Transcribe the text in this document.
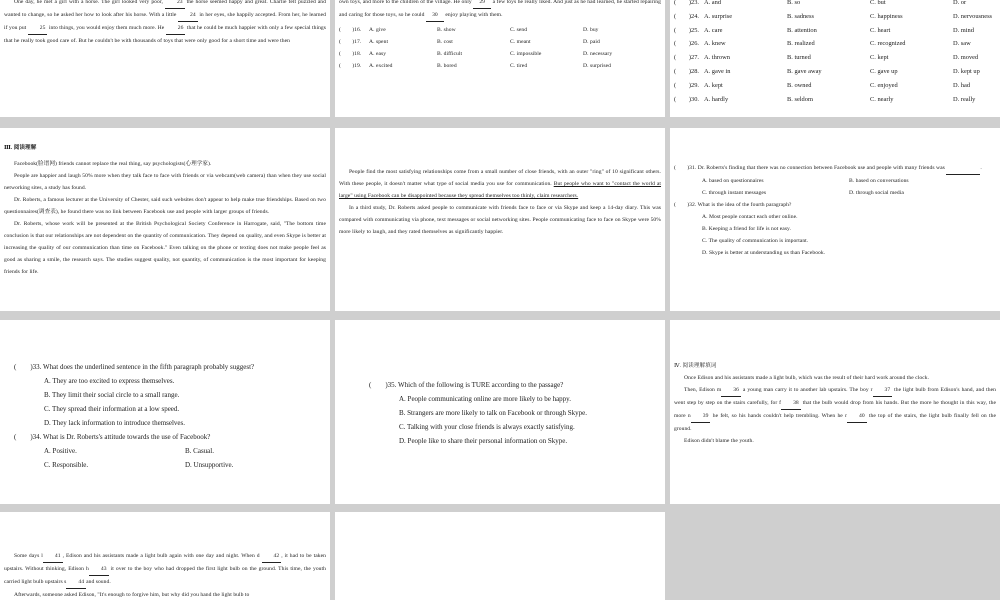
One day, he met a girl with a horse. The girl looked very poor, 23 the horse seemed happy and great. Charlie felt puzzled and wanted to change, so he asked her how to look after his horse. With a little 24 in her eyes, she happily accepted. From her, he learned if you put 25 into things, you would enjoy them much more. He 26 that he could be much happier with only a few special things that he really took good care of. But he couldn't be with thousands of toys that were only good for a short time and were then

own toys, and more to the children of the village. He only 29 a few toys he really liked. And just as he had learned, he started repairing and caring for those toys, so he could 30 enjoy playing with them.

(　　)16.	A. give	B. show	C. send	D. buy
(　　)17.	A. spent	B. cost	C. meant	D. paid
(　　)18.	A. easy	B. difficult	C. impossible	D. necessary
(　　)19.	A. excited	B. bored	C. tired	D. surprised
(　　)23. A. and	B. so	C. but	D. or
(　　)24. A. surprise	B. sadness	C. happiness	D. nervousness
(　　)25. A. care	B. attention	C. heart	D. mind
(　　)26. A. knew	B. realized	C. recognized	D. saw
(　　)27. A. thrown	B. turned	C. kept	D. moved
(　　)28. A. gave in	B. gave away	C. gave up	D. kept up
(　　)29. A. kept	B. owned	C. enjoyed	D. had
(　　)30. A. hardly	B. seldom	C. nearly	D. really

Ⅲ. 阅读理解

Facebook(脸谱网) friends cannot replace the real thing, say psychologists(心理学家).

People are happier and laugh 50% more when they talk face to face with friends or via webcam(web camera) than when they use social networking sites, a study has found.

Dr. Roberts, a famous lecturer at the University of Chester, said such websites don't appear to help make true friendships. Based on two questionnaires(调查表), he found there was no link between Facebook use and people with larger groups of friends.

Dr. Roberts, whose work will be presented at the British Psychological Society Conference in Harrogate, said, "The bottom time conclusion is that our relationships are not dependent on the quantity of communication. They depend on quality, and even Skype is better at increasing the quality of our communication than time on Facebook." Even talking on the phone or texting does not make people feel as good as sharing a smile, the research says. The studies suggest quality, not quantity, of communication is the most important for keeping friends for life.

People find the most satisfying relationships come from a small number of close friends, with an outer "ring" of 10 significant others. With these people, it doesn't matter what type of social media you use for communication. But people who want to "contact the world at large" using Facebook can be disappointed because they spread themselves too thinly, claim researchers.

In a third study, Dr. Roberts asked people to communicate with friends face to face or via Skype and keep a 14-day diary. This was compared with communicating via phone, text messages or social networking sites. People communicating face to face on Skype were 50% more likely to laugh, and they rated themselves as significantly happier.

(　　)31. Dr. Roberts's finding that there was no connection between Facebook use and people with many friends was	.

A. based on questionnaires	B. based on conversations
C. through instant messages	D. through social media

(　　)32. What is the idea of the fourth paragraph?

A. Most people contact each other online.
B. Keeping a friend for life is not easy.
C. The quality of communication is important.
D. Skype is better at understanding us than Facebook.

(　　)33. What does the underlined sentence in the fifth paragraph probably suggest?

A. They are too excited to express themselves.

B. They limit their social circle to a small range.

C. They spread their information at a low speed.

D. They lack information to introduce themselves.

(　　)34. What is Dr. Roberts's attitude towards the use of Facebook?

A. Positive.	B. Casual.

C. Responsible.	D. Unsupportive.

(　　)35. Which of the following is TURE according to the passage?

A. People communicating online are more likely to be happy.

B. Strangers are more likely to talk on Facebook or through Skype.

C. Talking with your close friends is always exactly satisfying.

D. People like to share their personal information on Skype.

Ⅳ. 阅读理解填词

Once Edison and his assistants made a light bulb, which was the result of their hard work around the clock.

Then, Edison m 36 a young man carry it to another lab upstairs. The boy r 37 the light bulb from Edison's hand, and then went step by step on the stairs carefully, for f 38 that the bulb would drop from his hands. But the more he thought in this way, the more n 39 he felt, so his hands couldn't help trembling. When he r 40 the top of the stairs, the light bulb finally fell on the ground.

Edison didn't blame the youth.

Some days l 41 , Edison and his assistants made a light bulb again with one day and night. When d 42 , it had to be taken upstairs. Without thinking, Edison h 43 it over to the boy who had dropped the first light bulb on the ground. This time, the youth carried light bulb upstairs s 44 and sound.

Afterwards, someone asked Edison, "It's enough to forgive him, but why did you hand the light bulb to
